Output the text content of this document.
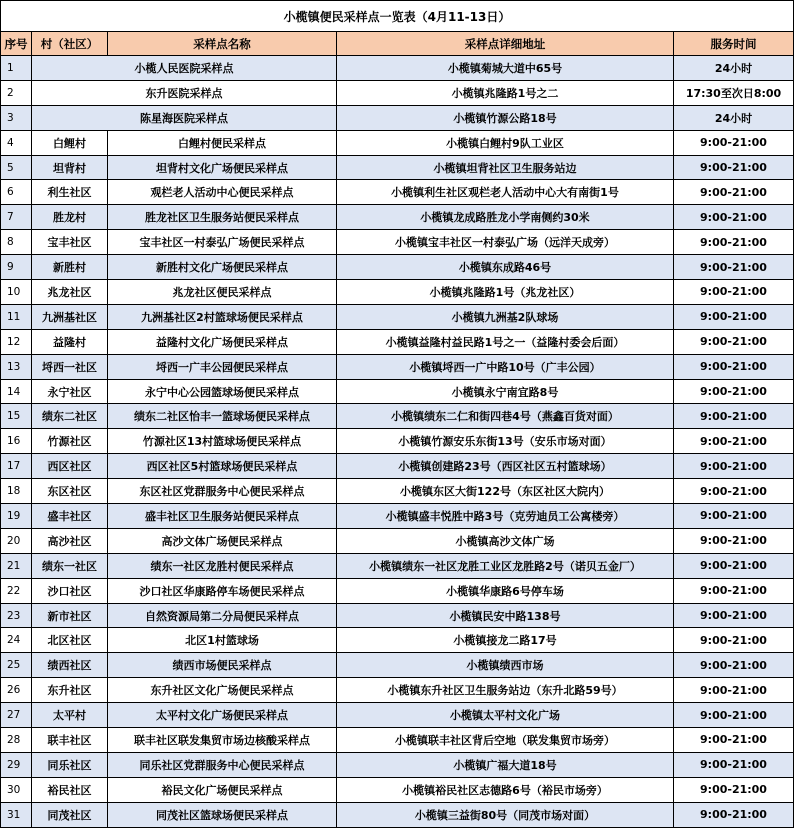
小榄镇便民采样点一览表（4月11-13日）				
序号	村（社区）	采样点名称	采样点详细地址	服务时间
1	小榄人民医院采样点		小榄镇菊城大道中65号	24小时
2	东升医院采样点		小榄镇兆隆路1号之二	17:30至次日8:00
3	陈星海医院采样点		小榄镇竹源公路18号	24小时
4	白鲤村	白鲤村便民采样点	小榄镇白鲤村9队工业区	9:00-21:00
5	坦背村	坦背村文化广场便民采样点	小榄镇坦背社区卫生服务站边	9:00-21:00
6	利生社区	观栏老人活动中心便民采样点	小榄镇利生社区观栏老人活动中心大有南街1号	9:00-21:00
7	胜龙村	胜龙社区卫生服务站便民采样点	小榄镇龙成路胜龙小学南侧约30米	9:00-21:00
8	宝丰社区	宝丰社区一村泰弘广场便民采样点	小榄镇宝丰社区一村泰弘广场（远洋天成旁）	9:00-21:00
9	新胜村	新胜村文化广场便民采样点	小榄镇东成路46号	9:00-21:00
10	兆龙社区	兆龙社区便民采样点	小榄镇兆隆路1号（兆龙社区）	9:00-21:00
11	九洲基社区	九洲基社区2村篮球场便民采样点	小榄镇九洲基2队球场	9:00-21:00
12	益隆村	益隆村文化广场便民采样点	小榄镇益隆村益民路1号之一（益隆村委会后面）	9:00-21:00
13	埒西一社区	埒西一广丰公园便民采样点	小榄镇埒西一广中路10号（广丰公园）	9:00-21:00
14	永宁社区	永宁中心公园篮球场便民采样点	小榄镇永宁南宜路8号	9:00-21:00
15	绩东二社区	绩东二社区怡丰一篮球场便民采样点	小榄镇绩东二仁和街四巷4号（燕鑫百货对面）	9:00-21:00
16	竹源社区	竹源社区13村篮球场便民采样点	小榄镇竹源安乐东街13号（安乐市场对面）	9:00-21:00
17	西区社区	西区社区5村篮球场便民采样点	小榄镇创建路23号（西区社区五村篮球场）	9:00-21:00
18	东区社区	东区社区党群服务中心便民采样点	小榄镇东区大街122号（东区社区大院内）	9:00-21:00
19	盛丰社区	盛丰社区卫生服务站便民采样点	小榄镇盛丰悦胜中路3号（克劳迪员工公寓楼旁）	9:00-21:00
20	高沙社区	高沙文体广场便民采样点	小榄镇高沙文体广场	9:00-21:00
21	绩东一社区	绩东一社区龙胜村便民采样点	小榄镇绩东一社区龙胜工业区龙胜路2号（诺贝五金厂）	9:00-21:00
22	沙口社区	沙口社区华康路停车场便民采样点	小榄镇华康路6号停车场	9:00-21:00
23	新市社区	自然资源局第二分局便民采样点	小榄镇民安中路138号	9:00-21:00
24	北区社区	北区1村篮球场	小榄镇接龙二路17号	9:00-21:00
25	绩西社区	绩西市场便民采样点	小榄镇绩西市场	9:00-21:00
26	东升社区	东升社区文化广场便民采样点	小榄镇东升社区卫生服务站边（东升北路59号）	9:00-21:00
27	太平村	太平村文化广场便民采样点	小榄镇太平村文化广场	9:00-21:00
28	联丰社区	联丰社区联发集贸市场边核酸采样点	小榄镇联丰社区背后空地（联发集贸市场旁）	9:00-21:00
29	同乐社区	同乐社区党群服务中心便民采样点	小榄镇广福大道18号	9:00-21:00
30	裕民社区	裕民文化广场便民采样点	小榄镇裕民社区志德路6号（裕民市场旁）	9:00-21:00
31	同茂社区	同茂社区篮球场便民采样点	小榄镇三益街80号（同茂市场对面）	9:00-21:00
